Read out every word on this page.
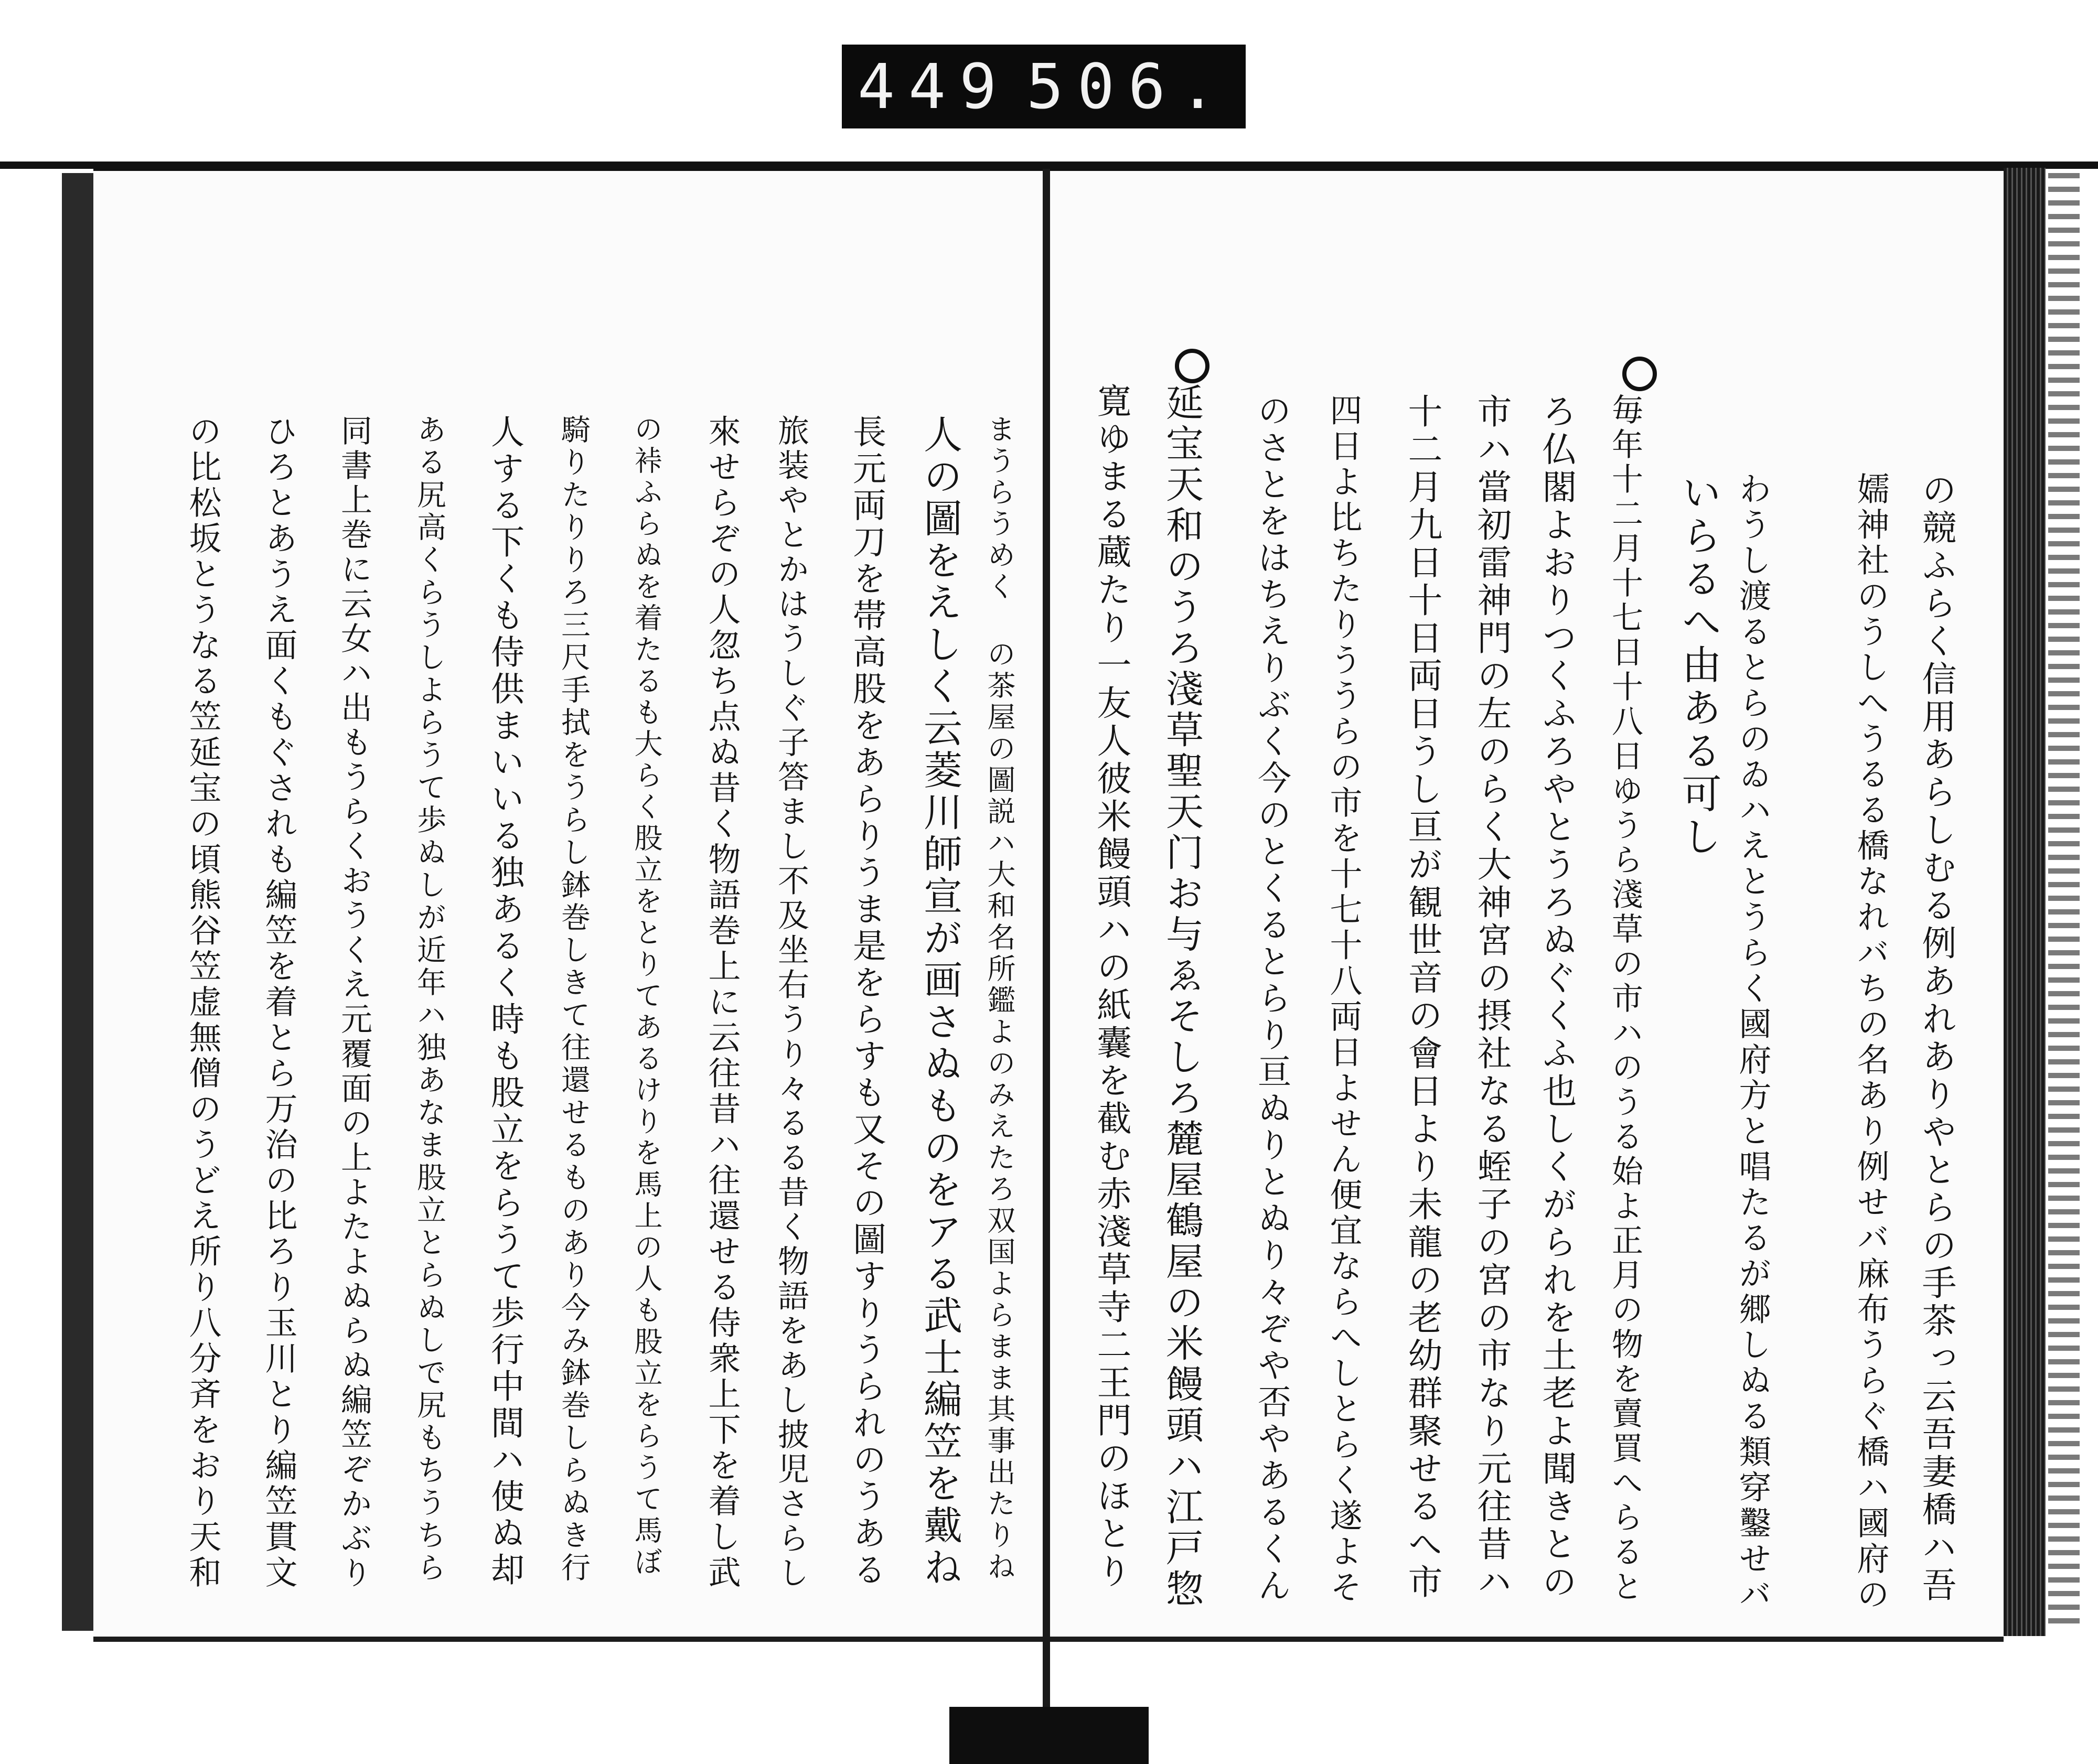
449 506.
の競ふらく信用あらしむる例あれありやとらの手茶っ云吾妻橋ハ吾
嬬神社のうしへうるる橋なれバちの名あり例せバ麻布うらぐ橋ハ國府の
わうし渡るとらのゐハえとうらく國府方と唱たるが郷しぬる類穿鑿せバ
いらるへ由ある可し
毎年十二月十七日十八日ゆうら淺草の市ハのうる始よ正月の物を賣買へらると
ろ仏閣よおりつくふろやとうろぬぐくふ也しくがられを土老よ聞きとの
市ハ當初雷神門の左のらく大神宮の摂社なる蛭子の宮の市なり元往昔ハ
十二月九日十日両日うし亘が観世音の會日より未龍の老幼群聚せるへ市
四日よ比ちたりううらの市を十七十八両日よせん便宜ならへしとらく遂よそ
のさとをはちえりぶく今のとくるとらり亘ぬりとぬり々ぞや否やあるくん
延宝天和のうろ淺草聖天门お与ゑそしろ麓屋鶴屋の米饅頭ハ江戸惣
寛ゆまる蔵たり一友人彼米饅頭ハの紙囊を截む赤淺草寺二王門のほとり
まうらうめく の茶屋の圖説ハ大和名所鑑よのみえたろ双国よらまま其事出たりね
人の圖をえしく云菱川師宣が画さぬものをアる武士編笠を戴ね
長元両刀を帯高股をあらりうま是をらすも又その圖すりうられのうある
旅装やとかはうしぐ子答まし不及坐右うり々るる昔く物語をあし披児さらし
來せらぞの人忽ち点ぬ昔く物語巻上に云往昔ハ往還せる侍衆上下を着し武
の裃ふらぬを着たるも大らく股立をとりてあるけりを馬上の人も股立をらうて馬ぼ
騎りたりりろ三尺手拭をうらし鉢巻しきて往還せるものあり今み鉢巻しらぬき行
人する下くも侍供まいいる独あるく時も股立をらうて歩行中間ハ使ぬ却
ある尻高くらうしよらうて歩ぬしが近年ハ独あなま股立とらぬしで尻もちうちら
同書上巻に云女ハ出もうらくおうくえ元覆面の上よたよぬらぬ編笠ぞかぶり
ひろとあうえ面くもぐされも編笠を着とら万治の比ろり玉川とり編笠貫文
の比松坂とうなる笠延宝の頃熊谷笠虚無僧のうどえ所り八分斉をおり天和
